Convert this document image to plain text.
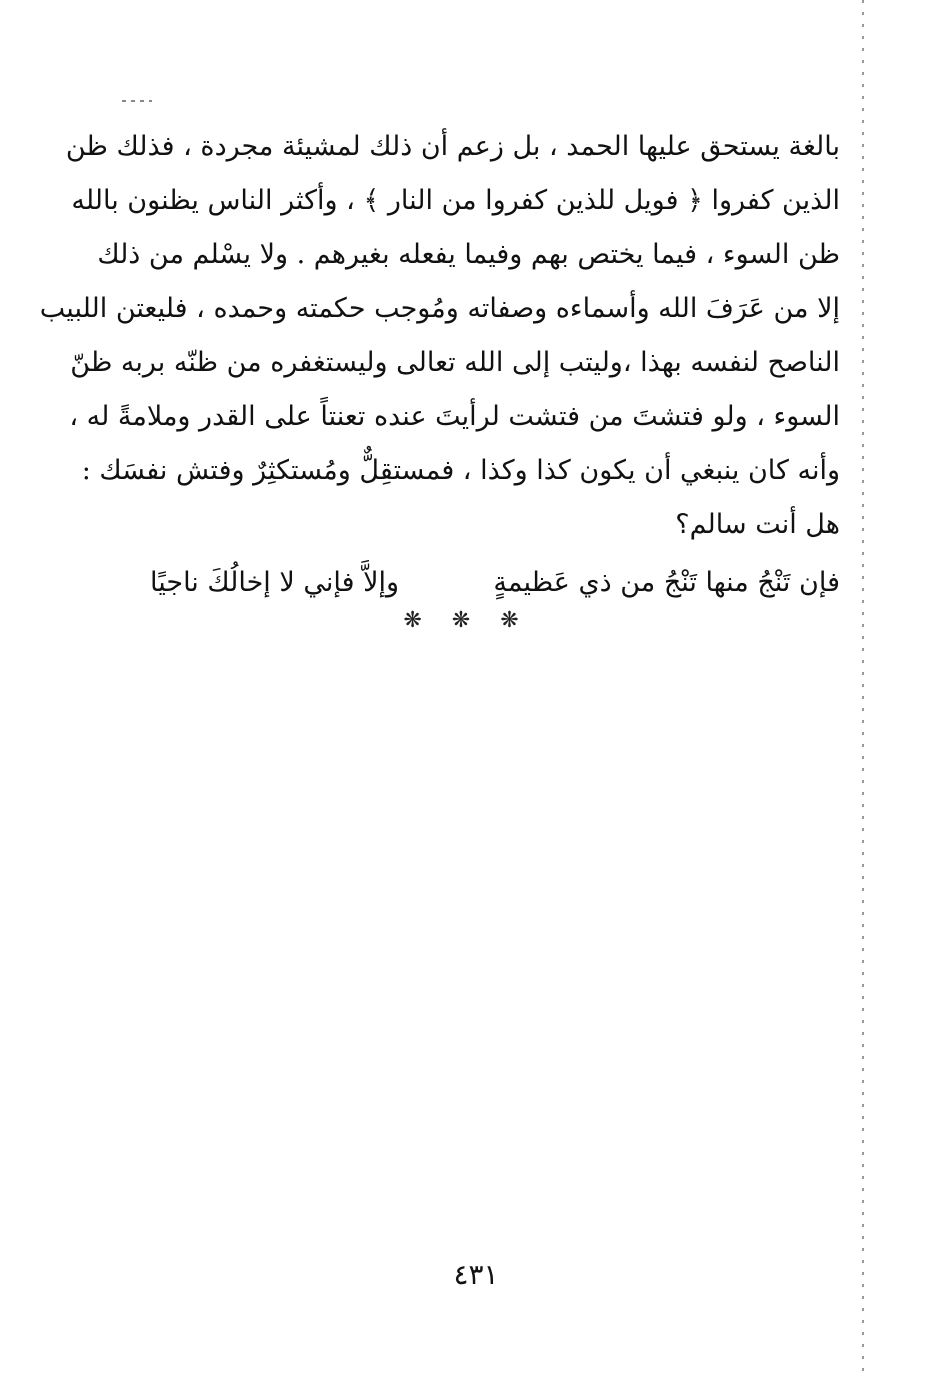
بالغة يستحق عليها الحمد ، بل زعم أن ذلك لمشيئة مجردة ، فذلك ظن
الذين كفروا ﴿ فويل للذين كفروا من النار ﴾ ، وأكثر الناس يظنون بالله
ظن السوء ، فيما يختص بهم وفيما يفعله بغيرهم . ولا يسْلم من ذلك
إلا من عَرَفَ الله وأسماءه وصفاته ومُوجب حكمته وحمده ، فليعتن اللبيب
الناصح لنفسه بهذا ،وليتب إلى الله تعالى وليستغفره من ظنّه بربه ظنّ
السوء ، ولو فتشتَ من فتشت لرأيتَ عنده تعنتاً على القدر وملامةً له ،
وأنه كان ينبغي أن يكون كذا وكذا ، فمستقِلٌّ ومُستكثِرٌ وفتش نفسَك :
هل أنت سالم؟
فإن تَنْجُ منها تَنْجُ من ذي عَظيمةٍ
وإلاَّ فإني لا إخالُكَ ناجيًا
❋❋❋
٤٣١
